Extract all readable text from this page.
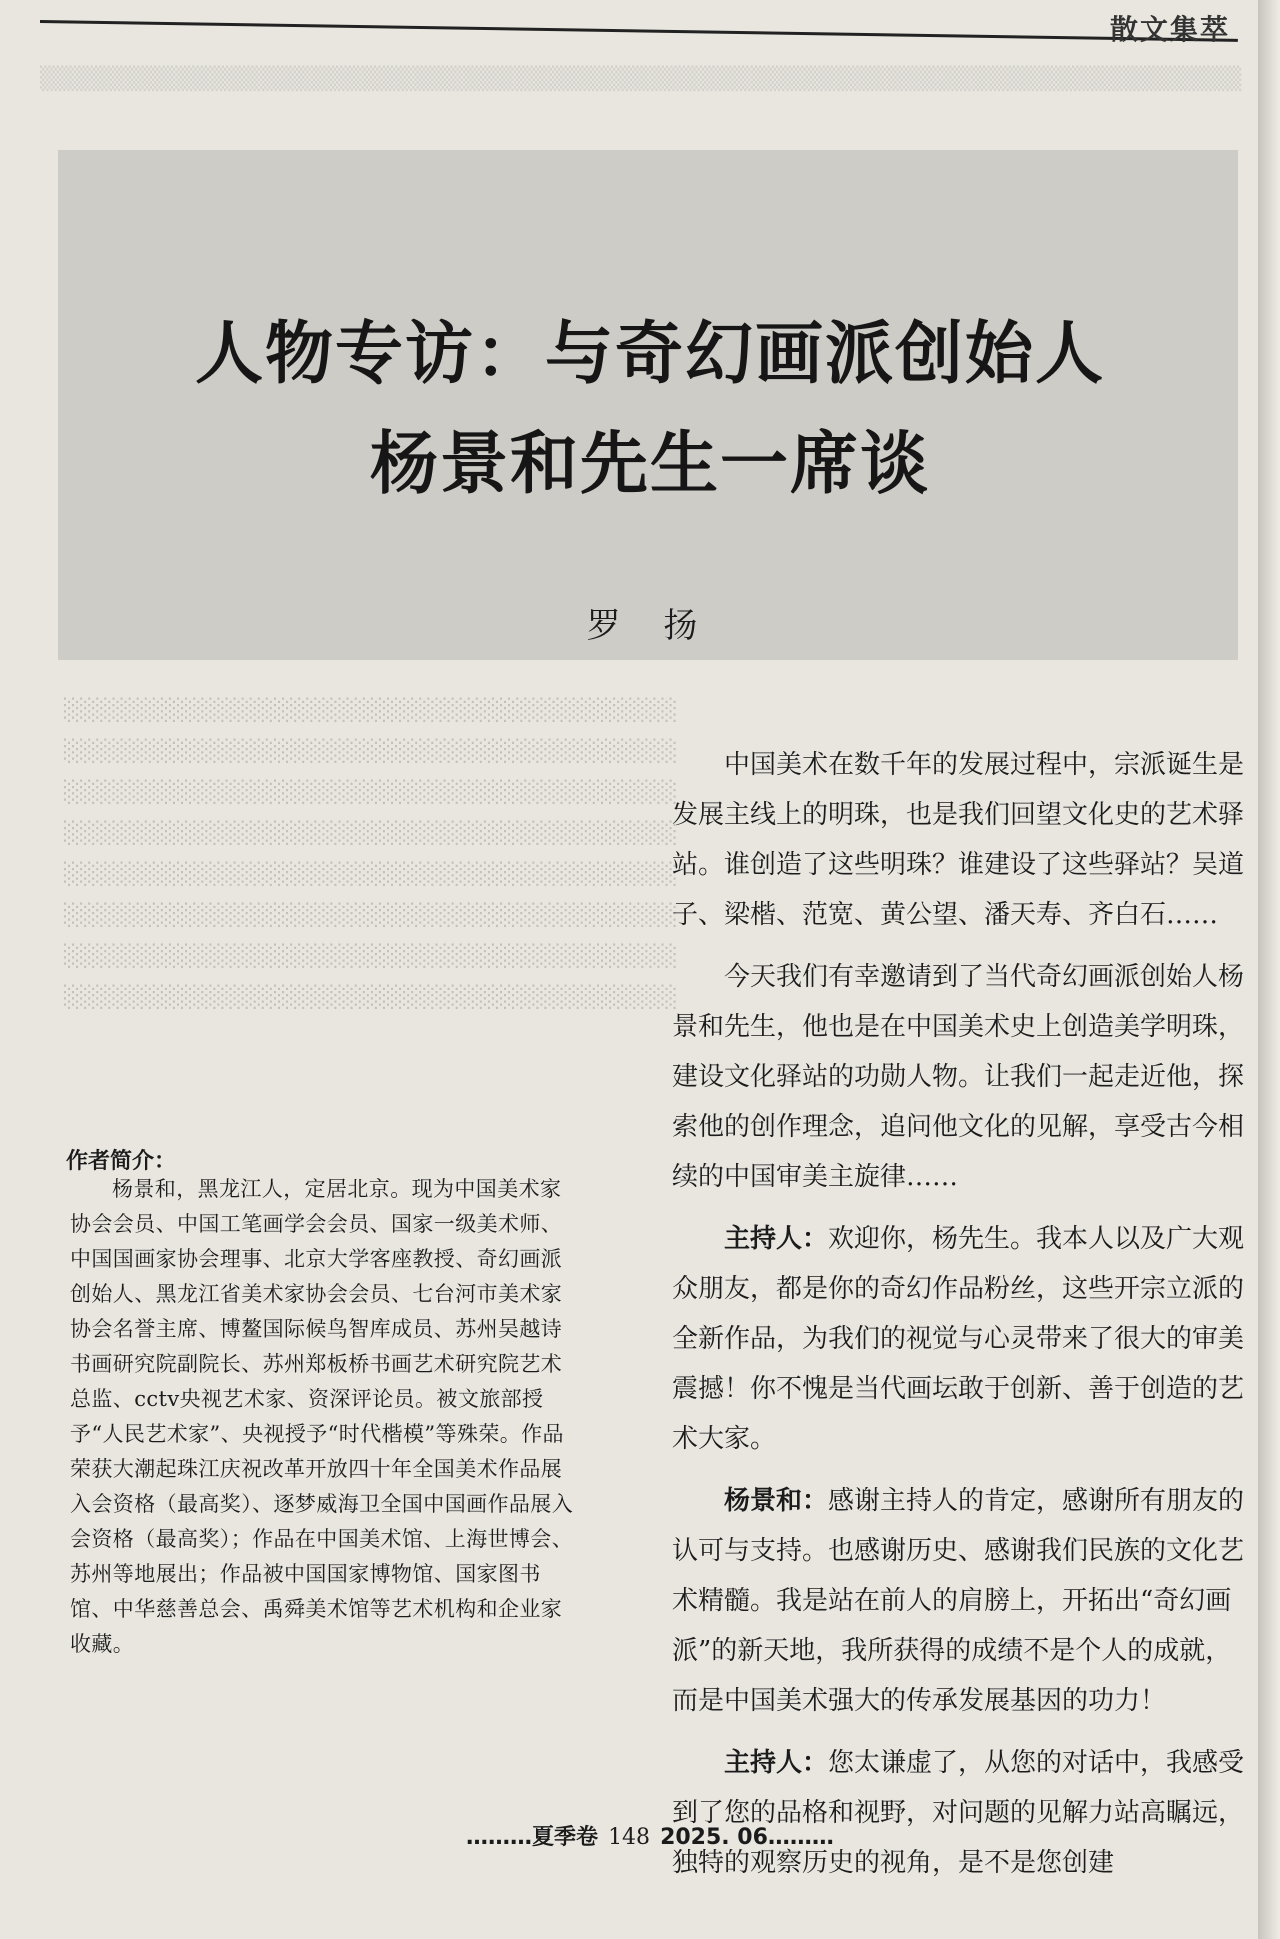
散文集萃
▒▒▒▒▒▒▒▒▒▒▒▒▒▒▒▒▒▒▒▒▒▒▒▒▒▒▒▒▒▒▒▒▒▒▒▒▒▒▒▒▒▒▒▒▒▒▒▒▒▒▒▒▒▒▒▒▒▒▒▒▒▒▒▒▒▒▒▒▒▒▒
人物专访：与奇幻画派创始人
杨景和先生一席谈
罗 扬
░░░░░░░░░░░░░░░░░░░░░░░░░░░░░░░░░░░░░░
░░░░░░░░░░░░░░░░░░░░░░░░░░░░░░░░░░░░░░
░░░░░░░░░░░░░░░░░░░░░░░░░░░░░░░░░░░░░░
░░░░░░░░░░░░░░░░░░░░░░░░░░░░░░░░░░░░░░
░░░░░░░░░░░░░░░░░░░░░░░░░░░░░░░░░░░░░░
░░░░░░░░░░░░░░░░░░░░░░░░░░░░░░░░░░░░░░
░░░░░░░░░░░░░░░░░░░░░░░░░░░░░░░░░░░░░░
░░░░░░░░░░░░░░░░░░░░░░░░░░░░░░░░░░░░░░
作者简介：
杨景和，黑龙江人，定居北京。现为中国美术家协会会员、中国工笔画学会会员、国家一级美术师、中国国画家协会理事、北京大学客座教授、奇幻画派创始人、黑龙江省美术家协会会员、七台河市美术家协会名誉主席、博鳌国际候鸟智库成员、苏州吴越诗书画研究院副院长、苏州郑板桥书画艺术研究院艺术总监、cctv央视艺术家、资深评论员。被文旅部授予“人民艺术家”、央视授予“时代楷模”等殊荣。作品荣获大潮起珠江庆祝改革开放四十年全国美术作品展入会资格（最高奖）、逐梦威海卫全国中国画作品展入会资格（最高奖）；作品在中国美术馆、上海世博会、苏州等地展出；作品被中国国家博物馆、国家图书馆、中华慈善总会、禹舜美术馆等艺术机构和企业家收藏。

中国美术在数千年的发展过程中，宗派诞生是发展主线上的明珠，也是我们回望文化史的艺术驿站。谁创造了这些明珠？谁建设了这些驿站？吴道子、梁楷、范宽、黄公望、潘天寿、齐白石……

今天我们有幸邀请到了当代奇幻画派创始人杨景和先生，他也是在中国美术史上创造美学明珠，建设文化驿站的功勋人物。让我们一起走近他，探索他的创作理念，追问他文化的见解，享受古今相续的中国审美主旋律……

主持人：欢迎你，杨先生。我本人以及广大观众朋友，都是你的奇幻作品粉丝，这些开宗立派的全新作品，为我们的视觉与心灵带来了很大的审美震撼！你不愧是当代画坛敢于创新、善于创造的艺术大家。

杨景和：感谢主持人的肯定，感谢所有朋友的认可与支持。也感谢历史、感谢我们民族的文化艺术精髓。我是站在前人的肩膀上，开拓出“奇幻画派”的新天地，我所获得的成绩不是个人的成就，而是中国美术强大的传承发展基因的功力！

主持人：您太谦虚了，从您的对话中，我感受到了您的品格和视野，对问题的见解力站高瞩远，独特的观察历史的视角，是不是您创建

………夏季卷 148 2025. 06………
